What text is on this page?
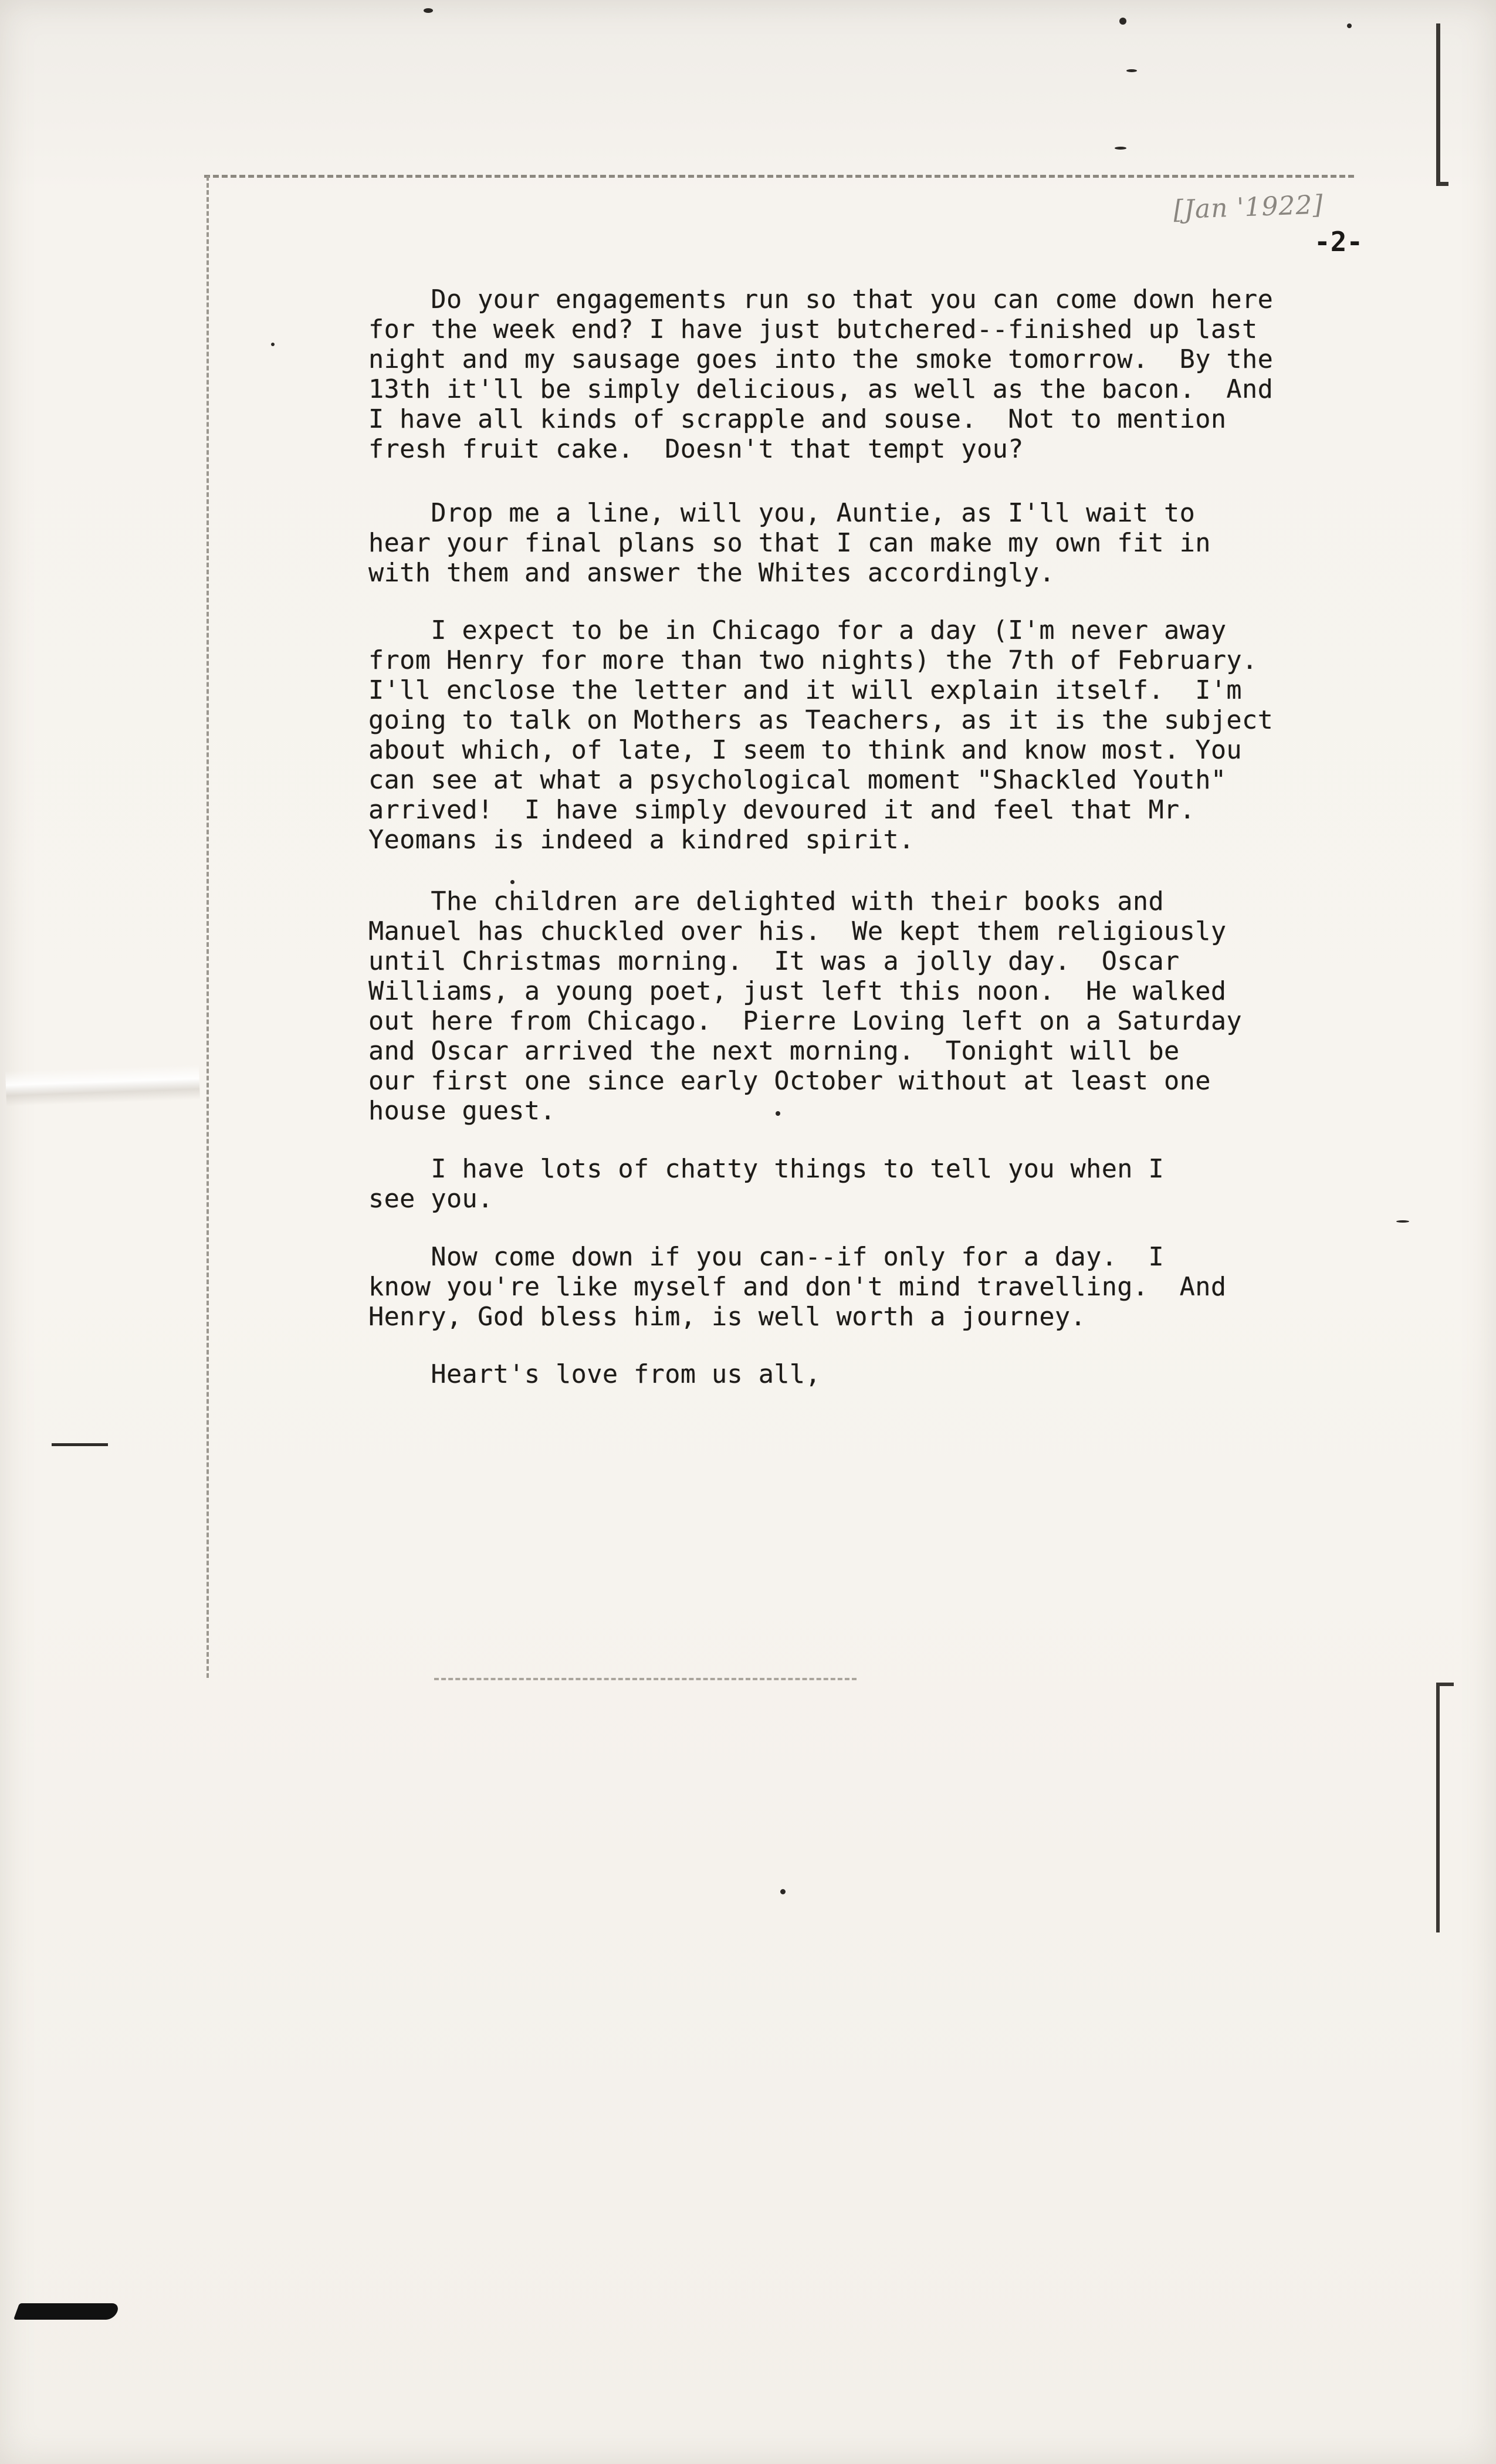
[Jan '1922]
-2-

Do your engagements run so that you can come down here
for the week end? I have just butchered--finished up last
night and my sausage goes into the smoke tomorrow.  By the
13th it'll be simply delicious, as well as the bacon.  And
I have all kinds of scrapple and souse.  Not to mention
fresh fruit cake.  Doesn't that tempt you?

Drop me a line, will you, Auntie, as I'll wait to
hear your final plans so that I can make my own fit in
with them and answer the Whites accordingly.

I expect to be in Chicago for a day (I'm never away
from Henry for more than two nights) the 7th of February.
I'll enclose the letter and it will explain itself.  I'm
going to talk on Mothers as Teachers, as it is the subject
about which, of late, I seem to think and know most. You
can see at what a psychological moment "Shackled Youth"
arrived!  I have simply devoured it and feel that Mr.
Yeomans is indeed a kindred spirit.

The children are delighted with their books and
Manuel has chuckled over his.  We kept them religiously
until Christmas morning.  It was a jolly day.  Oscar
Williams, a young poet, just left this noon.  He walked
out here from Chicago.  Pierre Loving left on a Saturday
and Oscar arrived the next morning.  Tonight will be
our first one since early October without at least one
house guest.

I have lots of chatty things to tell you when I
see you.

Now come down if you can--if only for a day.  I
know you're like myself and don't mind travelling.  And
Henry, God bless him, is well worth a journey.

Heart's love from us all,
